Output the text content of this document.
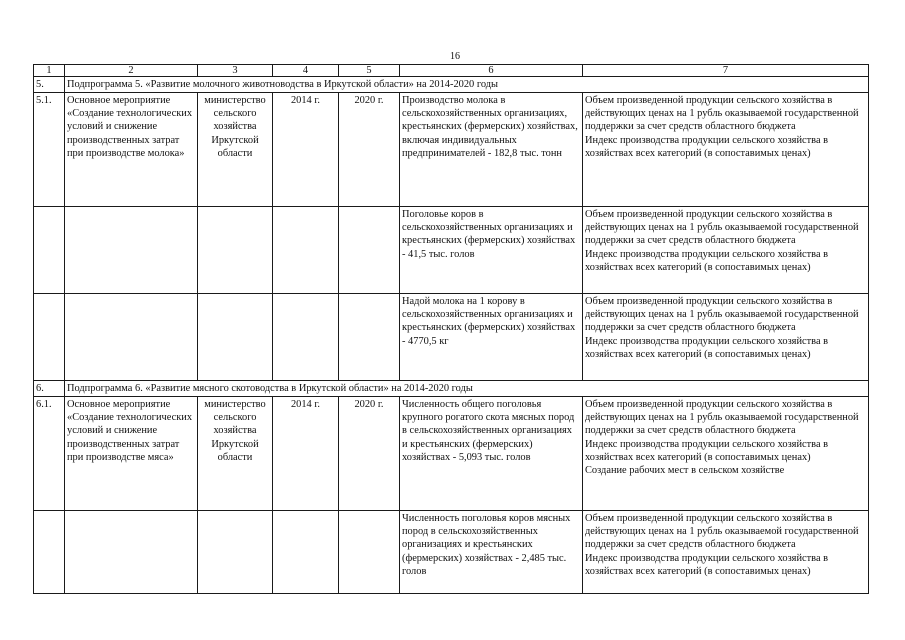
16
1	2	3	4	5	6	7
5.	Подпрограмма 5. «Развитие молочного животноводства в Иркутской области» на 2014-2020 годы					
5.1.	Основное мероприятие «Создание технологических условий и снижение производственных затрат при производстве молока»	министерство сельского хозяйства Иркутской области	2014 г.	2020 г.	Производство молока в сельскохозяйственных организациях, крестьянских (фермерских) хозяйствах, включая индивидуальных предпринимателей - 182,8 тыс. тонн	Объем произведенной продукции сельского хозяйства в действующих ценах на 1 рубль оказываемой государственной поддержки за счет средств областного бюджета
Индекс производства продукции сельского хозяйства в хозяйствах всех категорий (в сопоставимых ценах)
					Поголовье коров в сельскохозяйственных организациях и крестьянских (фермерских) хозяйствах - 41,5 тыс. голов	Объем произведенной продукции сельского хозяйства в действующих ценах на 1 рубль оказываемой государственной поддержки за счет средств областного бюджета
Индекс производства продукции сельского хозяйства в хозяйствах всех категорий (в сопоставимых ценах)
					Надой молока на 1 корову в сельскохозяйственных организациях и крестьянских (фермерских) хозяйствах - 4770,5 кг	Объем произведенной продукции сельского хозяйства в действующих ценах на 1 рубль оказываемой государственной поддержки за счет средств областного бюджета
Индекс производства продукции сельского хозяйства в хозяйствах всех категорий (в сопоставимых ценах)
6.	Подпрограмма 6. «Развитие мясного скотоводства в Иркутской области» на 2014-2020 годы					
6.1.	Основное мероприятие «Создание технологических условий и снижение производственных затрат при производстве мяса»	министерство сельского хозяйства Иркутской области	2014 г.	2020 г.	Численность общего поголовья крупного рогатого скота мясных пород в сельскохозяйственных организациях и крестьянских (фермерских) хозяйствах - 5,093 тыс. голов	Объем произведенной продукции сельского хозяйства в действующих ценах на 1 рубль оказываемой государственной поддержки за счет средств областного бюджета
Индекс производства продукции сельского хозяйства в хозяйствах всех категорий (в сопоставимых ценах)
Создание рабочих мест в сельском хозяйстве
					Численность поголовья коров мясных пород в сельскохозяйственных организациях и крестьянских (фермерских) хозяйствах - 2,485 тыс. голов	Объем произведенной продукции сельского хозяйства в действующих ценах на 1 рубль оказываемой государственной поддержки за счет средств областного бюджета
Индекс производства продукции сельского хозяйства в хозяйствах всех категорий (в сопоставимых ценах)
